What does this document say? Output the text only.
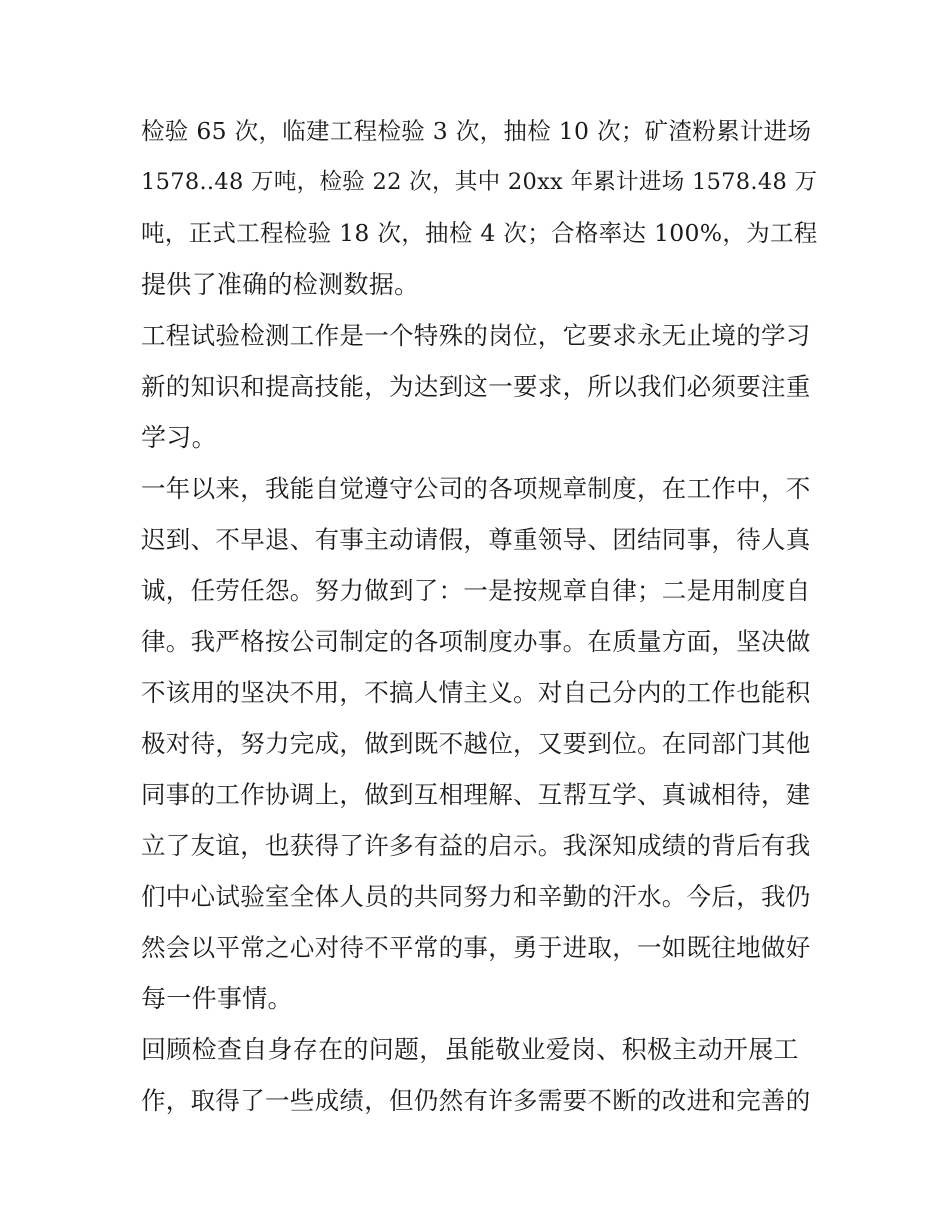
检验 65 次，临建工程检验 3 次，抽检 10 次；矿渣粉累计进场
1578..48 万吨，检验 22 次，其中 20xx 年累计进场 1578.48 万
吨，正式工程检验 18 次，抽检 4 次；合格率达 100%，为工程
提供了准确的检测数据。
工程试验检测工作是一个特殊的岗位，它要求永无止境的学习
新的知识和提高技能，为达到这一要求，所以我们必须要注重
学习。
一年以来，我能自觉遵守公司的各项规章制度，在工作中，不
迟到、不早退、有事主动请假，尊重领导、团结同事，待人真
诚，任劳任怨。努力做到了：一是按规章自律；二是用制度自
律。我严格按公司制定的各项制度办事。在质量方面，坚决做
不该用的坚决不用，不搞人情主义。对自己分内的工作也能积
极对待，努力完成，做到既不越位，又要到位。在同部门其他
同事的工作协调上，做到互相理解、互帮互学、真诚相待，建
立了友谊，也获得了许多有益的启示。我深知成绩的背后有我
们中心试验室全体人员的共同努力和辛勤的汗水。今后，我仍
然会以平常之心对待不平常的事，勇于进取，一如既往地做好
每一件事情。
回顾检查自身存在的问题，虽能敬业爱岗、积极主动开展工
作，取得了一些成绩，但仍然有许多需要不断的改进和完善的
